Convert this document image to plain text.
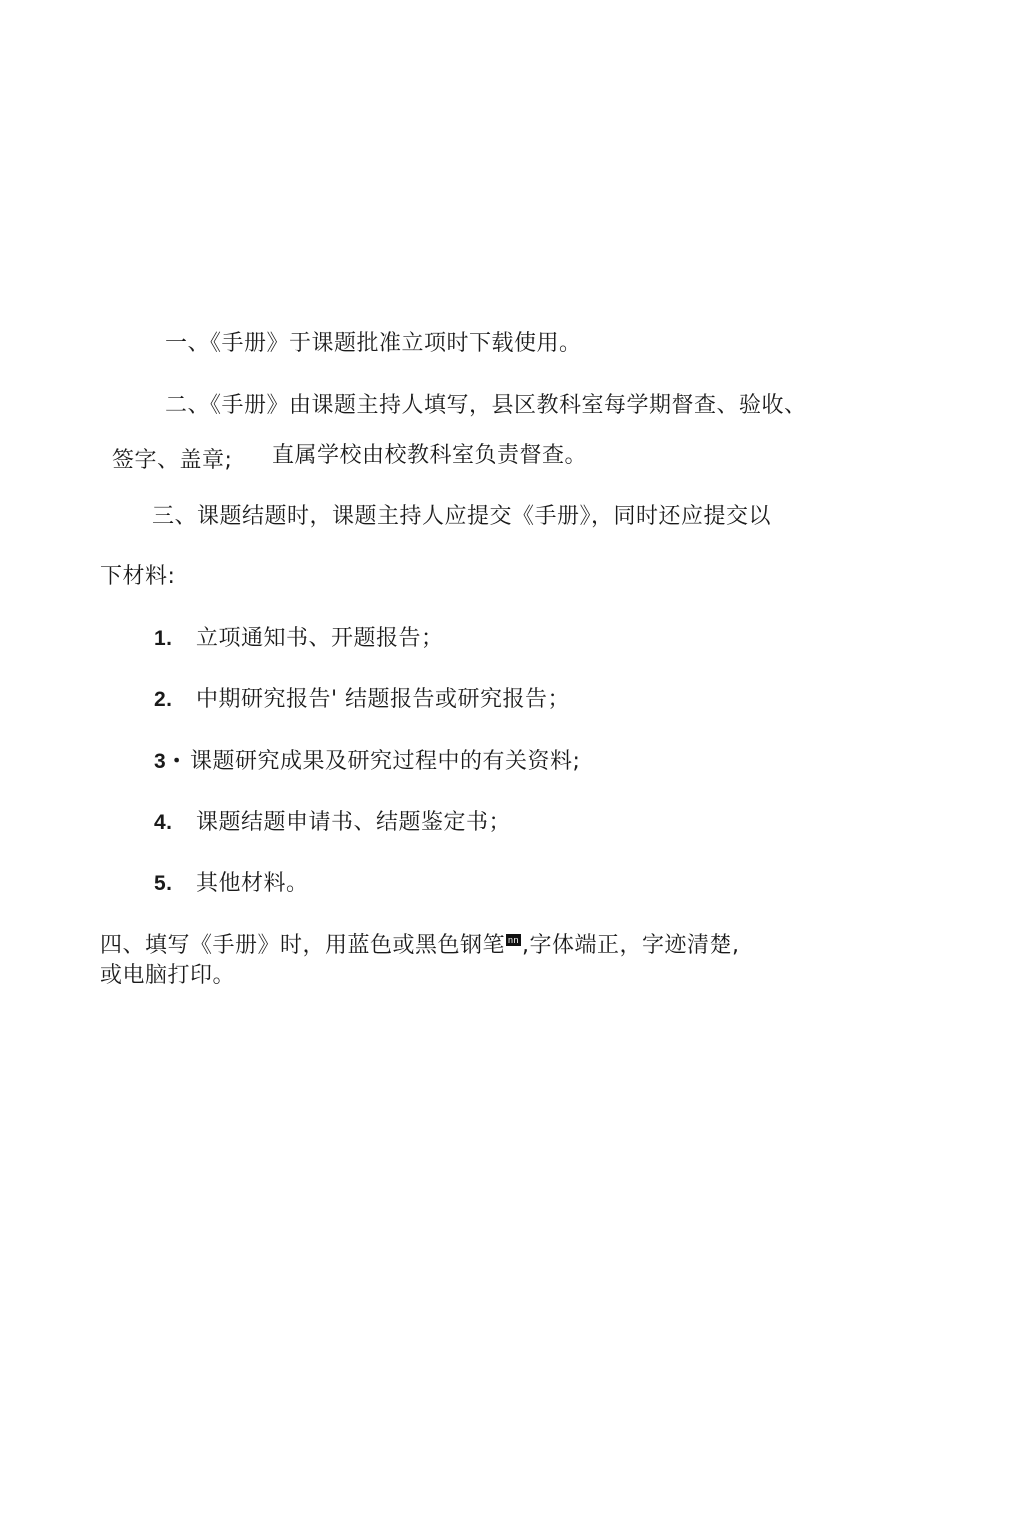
一、《手册》于课题批准立项时下载使用。
二、《手册》由课题主持人填写，县区教科室每学期督查、验收、
签字、盖章; 直属学校由校教科室负责督查。
三、课题结题时，课题主持人应提交《手册》，同时还应提交以
下材料:
1. 立项通知书、开题报告；
2. 中期研究报告' 结题报告或研究报告；
3・ 课题研究成果及研究过程中的有关资料;
4. 课题结题申请书、结题鉴定书；
5. 其他材料。
四、填写《手册》时，用蓝色或黑色钢笔 nn ,字体端正，字迹清楚,
或电脑打印。
